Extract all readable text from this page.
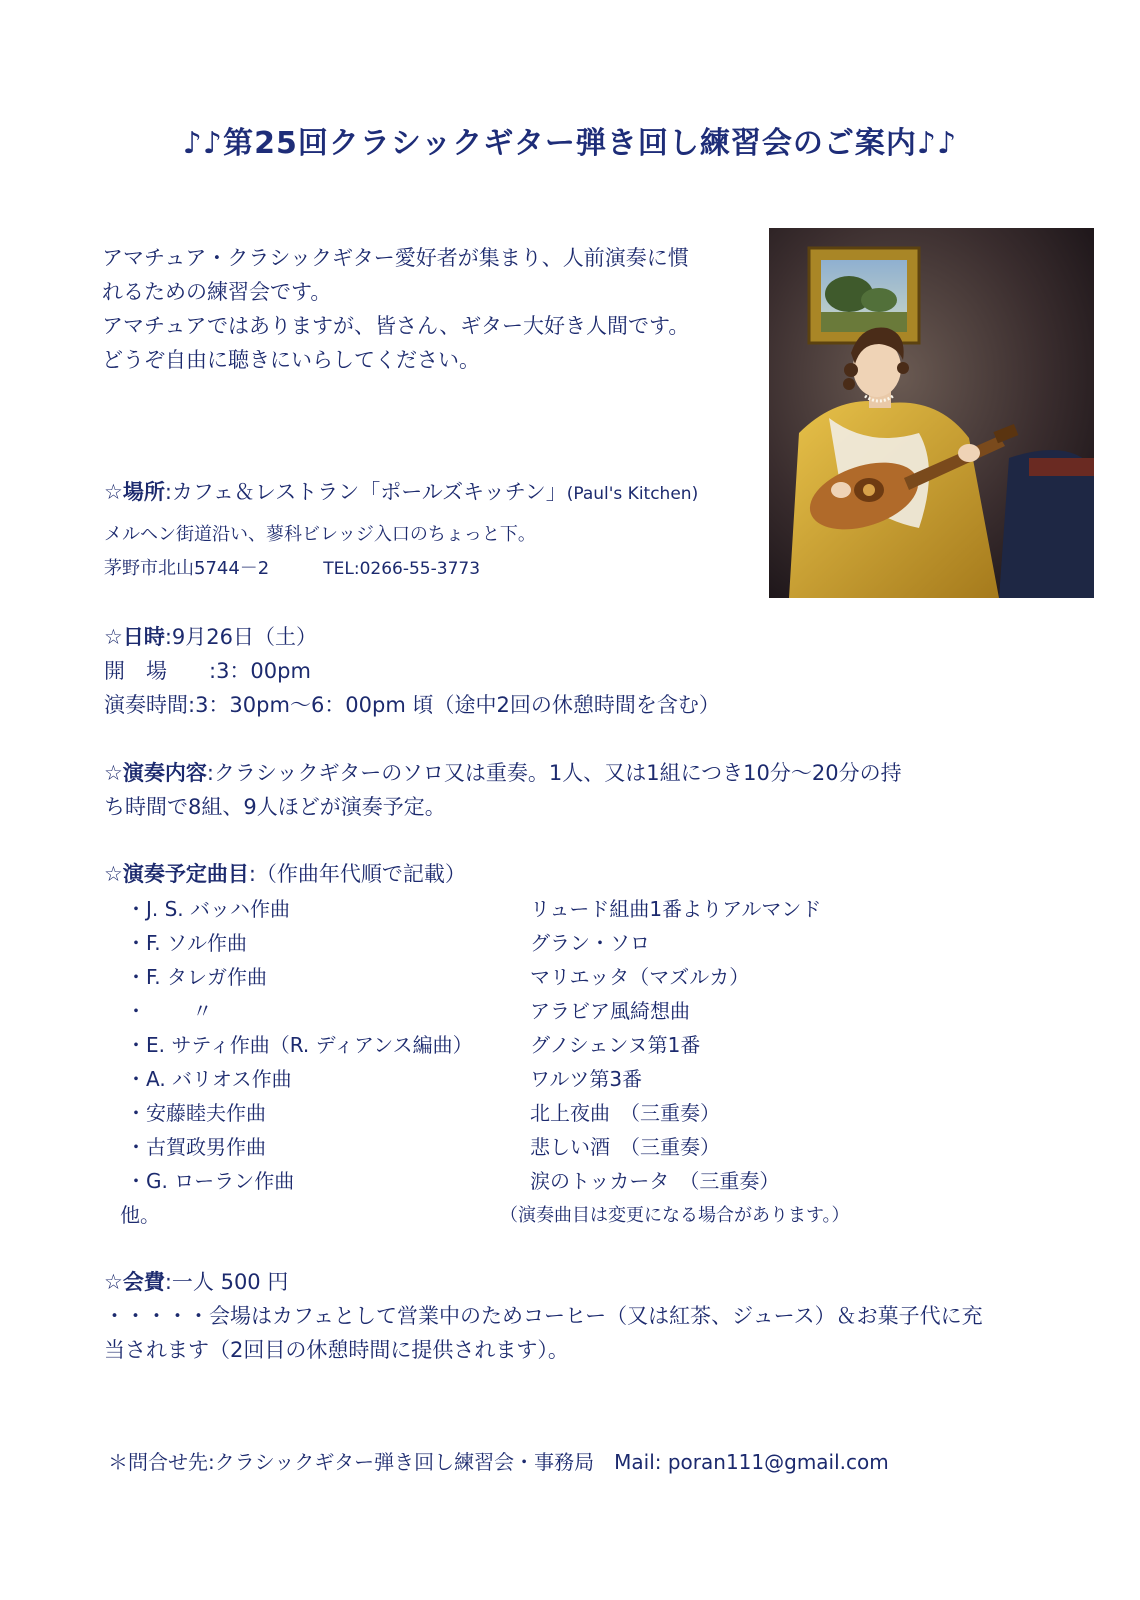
♪♪第25回クラシックギター弾き回し練習会のご案内♪♪
アマチュア・クラシックギター愛好者が集まり、人前演奏に慣
れるための練習会です。
アマチュアではありますが、皆さん、ギター大好き人間です。
どうぞ自由に聴きにいらしてください。
☆場所:カフェ＆レストラン「ポールズキッチン」(Paul's Kitchen)
メルヘン街道沿い、蓼科ビレッジ入口のちょっと下。
茅野市北山5744－2	TEL:0266-55-3773
☆日時:9月26日（土）
開　場　　:3：00pm
演奏時間:3：30pm～6：00pm 頃（途中2回の休憩時間を含む）
☆演奏内容:クラシックギターのソロ又は重奏。1人、又は1組につき10分～20分の持
ち時間で8組、9人ほどが演奏予定。
☆演奏予定曲目:（作曲年代順で記載）
・J. S. バッハ作曲	リュード組曲1番よりアルマンド
・F. ソル作曲	グラン・ソロ
・F. タレガ作曲	マリエッタ（マズルカ）
・　　 〃	アラビア風綺想曲
・E. サティ作曲（R. ディアンス編曲）	グノシェンヌ第1番
・A. バリオス作曲	ワルツ第3番
・安藤睦夫作曲	北上夜曲　（三重奏）
・古賀政男作曲	悲しい酒　（三重奏）
・G. ローラン作曲	涙のトッカータ　（三重奏）
他。	（演奏曲目は変更になる場合があります。）
☆会費:一人 500 円
・・・・・会場はカフェとして営業中のためコーヒー（又は紅茶、ジュース）＆お菓子代に充
当されます（2回目の休憩時間に提供されます）。
＊問合せ先:クラシックギター弾き回し練習会・事務局　Mail: poran111@gmail.com
